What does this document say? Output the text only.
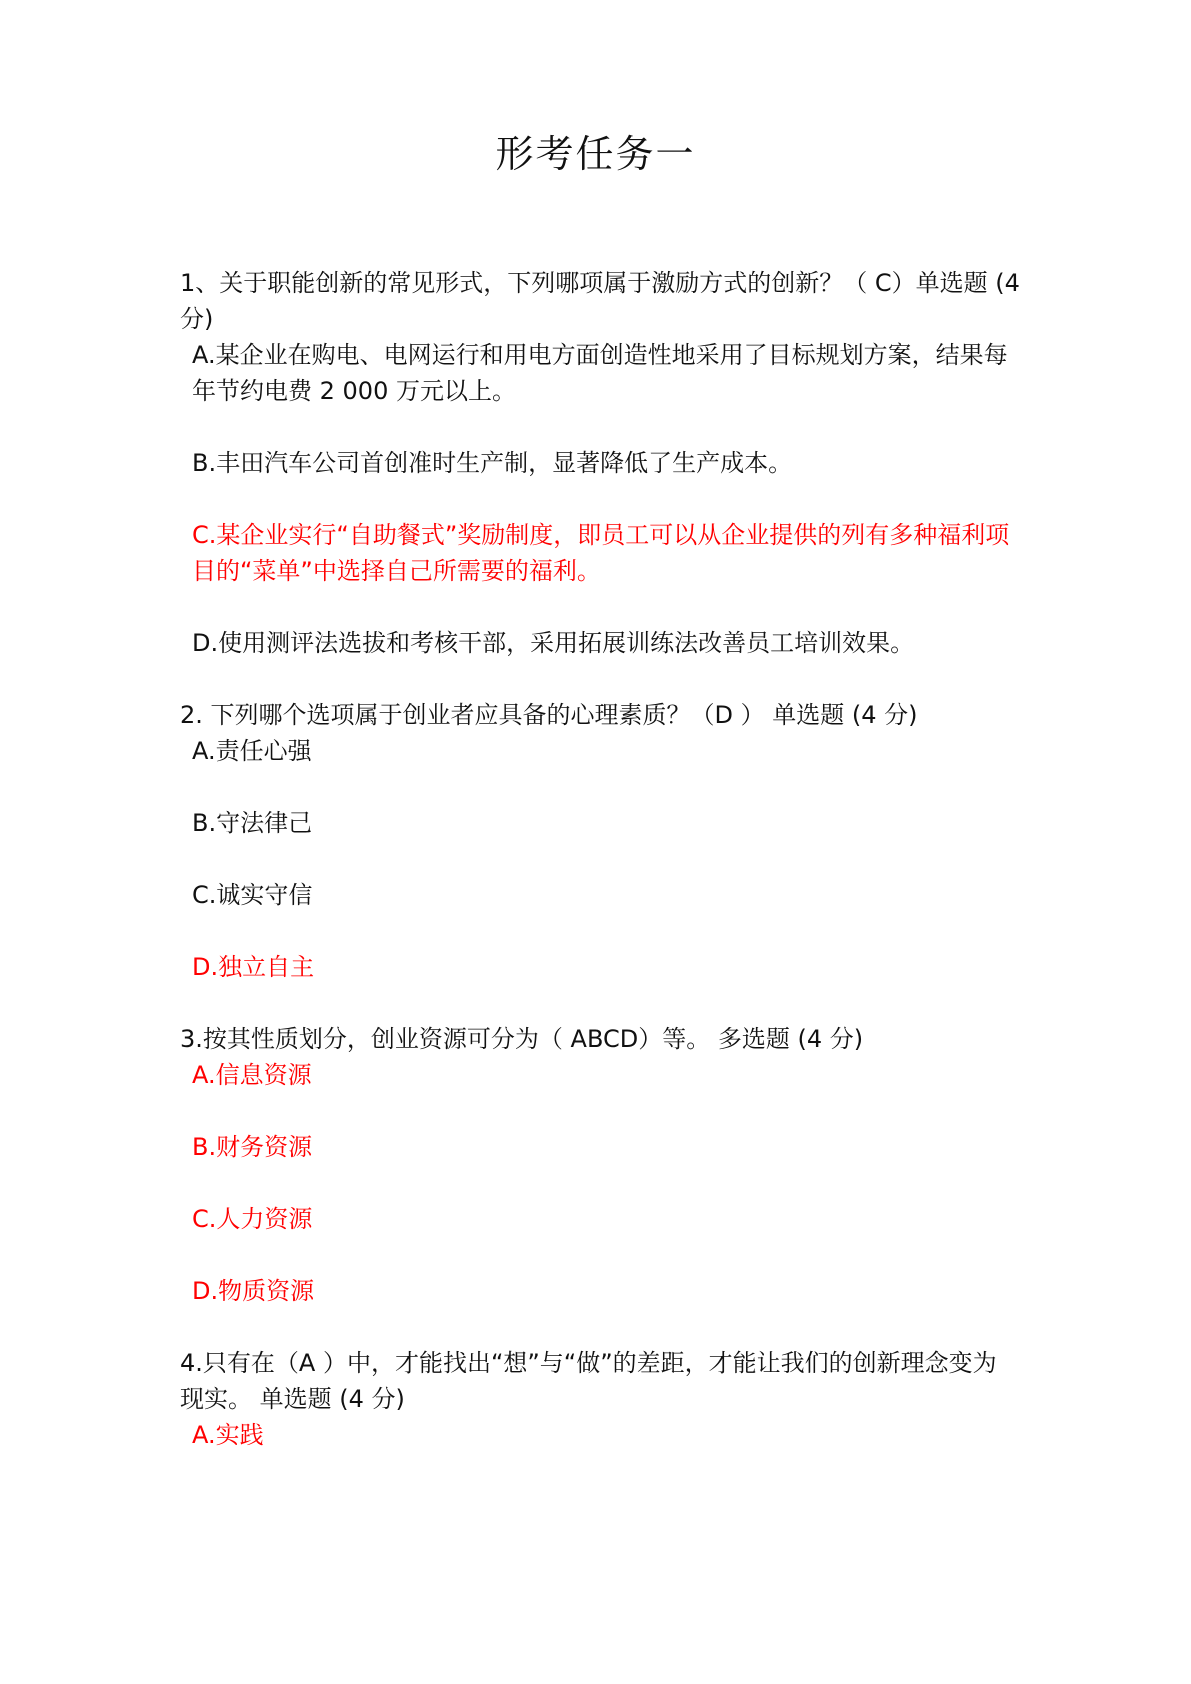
形考任务一

1、关于职能创新的常见形式，下列哪项属于激励方式的创新？（ C）单选题 (4 分)

A.某企业在购电、电网运行和用电方面创造性地采用了目标规划方案，结果每年节约电费 2 000 万元以上。

B.丰田汽车公司首创准时生产制，显著降低了生产成本。

C.某企业实行“自助餐式”奖励制度，即员工可以从企业提供的列有多种福利项目的“菜单”中选择自己所需要的福利。

D.使用测评法选拔和考核干部，采用拓展训练法改善员工培训效果。

2. 下列哪个选项属于创业者应具备的心理素质？（D ） 单选题 (4 分)

A.责任心强

B.守法律己

C.诚实守信

D.独立自主

3.按其性质划分，创业资源可分为（ ABCD）等。 多选题 (4 分)

A.信息资源

B.财务资源

C.人力资源

D.物质资源

4.只有在（A ）中，才能找出“想”与“做”的差距，才能让我们的创新理念变为现实。 单选题 (4 分)

A.实践
